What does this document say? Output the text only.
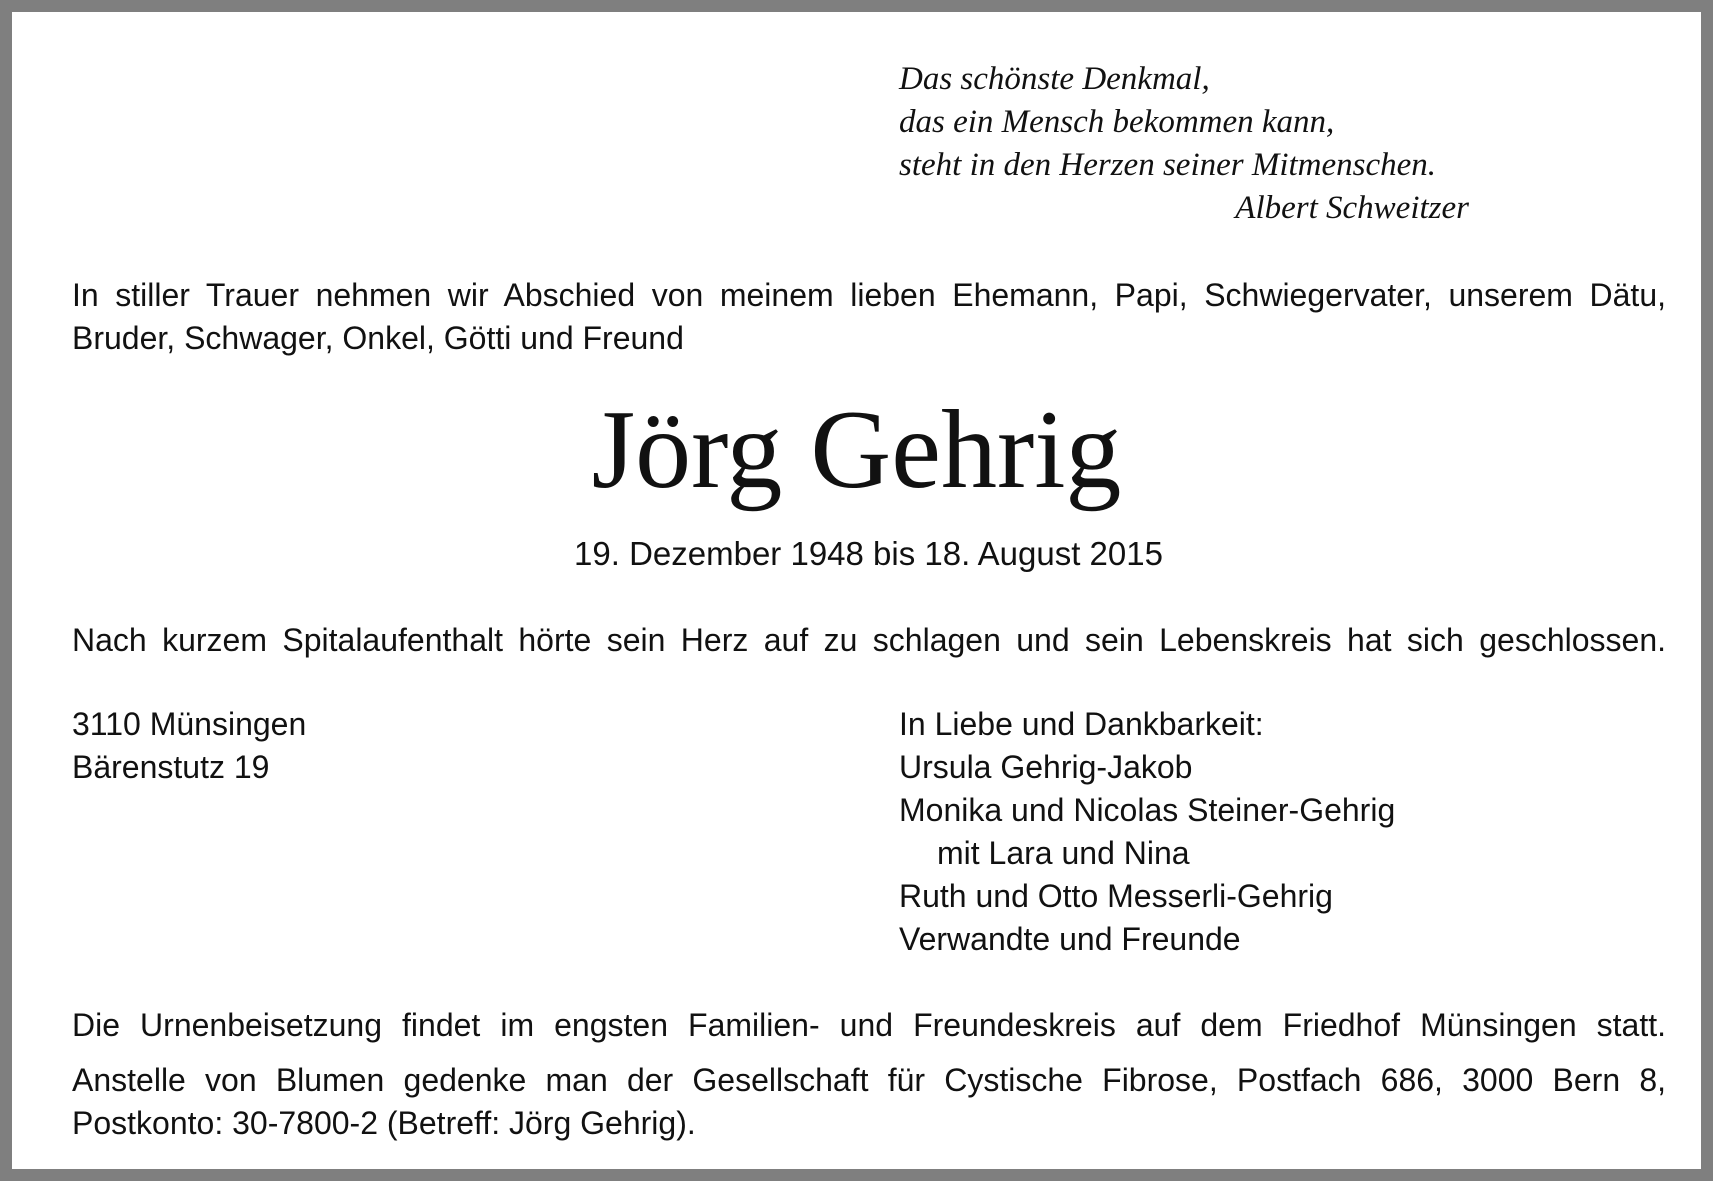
Das schönste Denkmal,
das ein Mensch bekommen kann,
steht in den Herzen seiner Mitmenschen.
Albert Schweitzer
In stiller Trauer nehmen wir Abschied von meinem lieben Ehemann, Papi, Schwiegervater, unserem Dätu, Bruder, Schwager, Onkel, Götti und Freund
Jörg Gehrig
19. Dezember 1948 bis 18. August 2015
Nach kurzem Spitalaufenthalt hörte sein Herz auf zu schlagen und sein Lebenskreis hat sich geschlossen.
3110 Münsingen
Bärenstutz 19
In Liebe und Dankbarkeit:
Ursula Gehrig-Jakob
Monika und Nicolas Steiner-Gehrig
mit Lara und Nina
Ruth und Otto Messerli-Gehrig
Verwandte und Freunde
Die Urnenbeisetzung findet im engsten Familien- und Freundeskreis auf dem Friedhof Münsingen statt.
Anstelle von Blumen gedenke man der Gesellschaft für Cystische Fibrose, Postfach 686, 3000 Bern 8, Postkonto: 30-7800-2 (Betreff: Jörg Gehrig).
